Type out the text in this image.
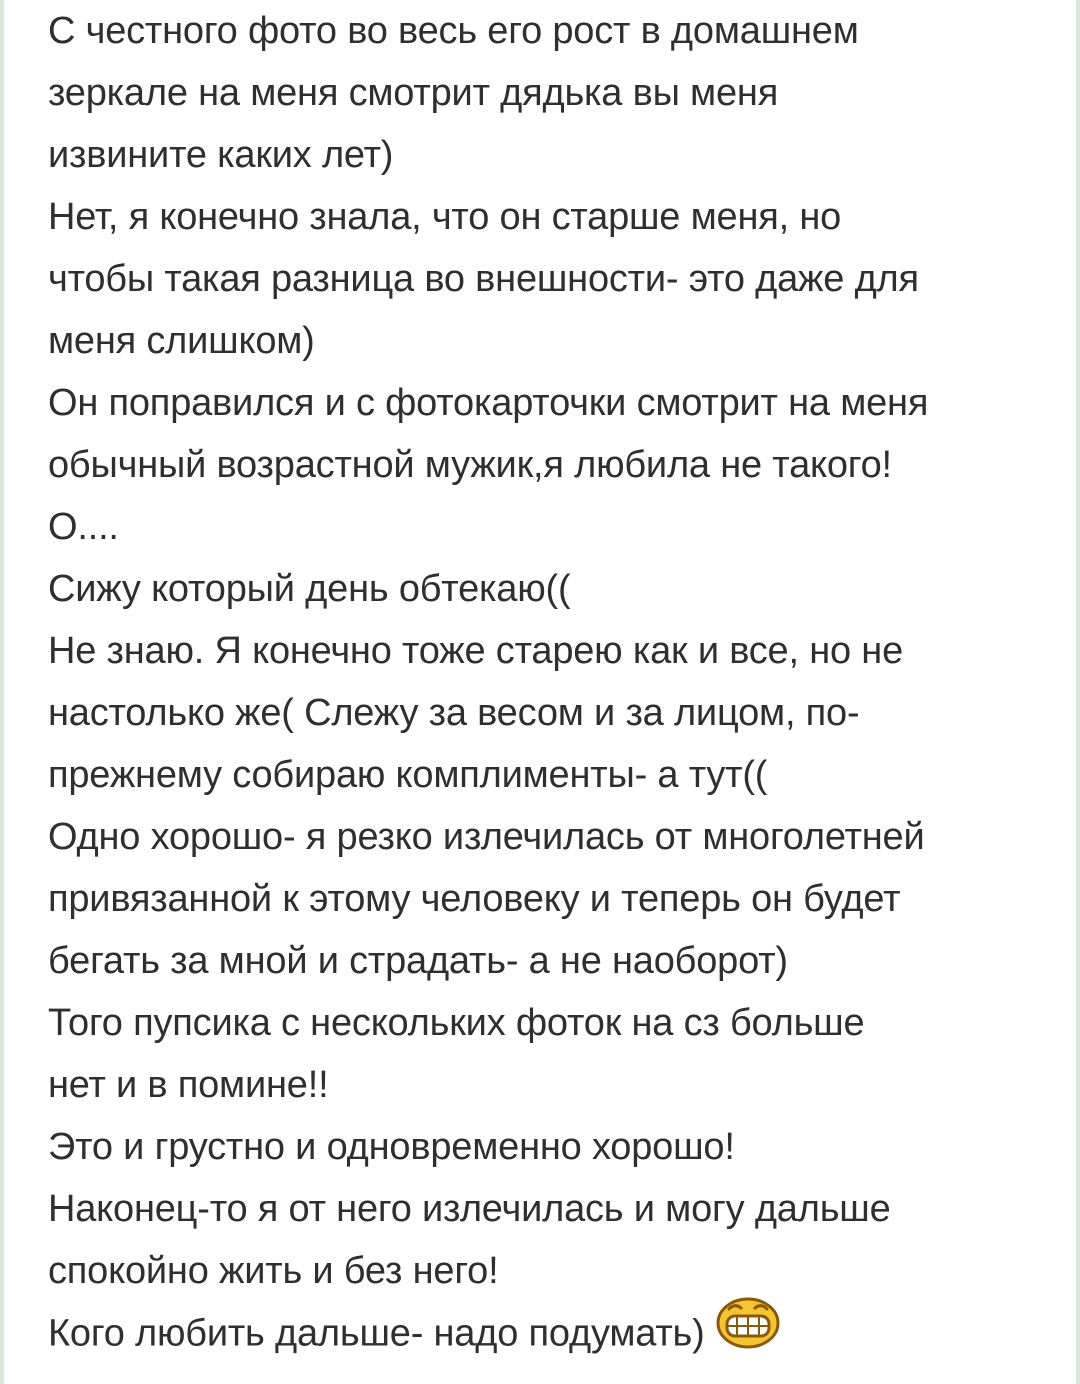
С честного фото во весь его рост в домашнем
зеркале на меня смотрит дядька вы меня
извините каких лет)
Нет, я конечно знала, что он старше меня, но
чтобы такая разница во внешности- это даже для
меня слишком)
Он поправился и с фотокарточки смотрит на меня
обычный возрастной мужик,я любила не такого!
О....
Сижу который день обтекаю((
Не знаю. Я конечно тоже старею как и все, но не
настолько же( Слежу за весом и за лицом, по-
прежнему собираю комплименты- а тут((
Одно хорошо- я резко излечилась от многолетней
привязанной к этому человеку и теперь он будет
бегать за мной и страдать- а не наоборот)
Того пупсика с нескольких фоток на сз больше
нет и в помине!!
Это и грустно и одновременно хорошо!
Наконец-то я от него излечилась и могу дальше
спокойно жить и без него!
Кого любить дальше- надо подумать)
